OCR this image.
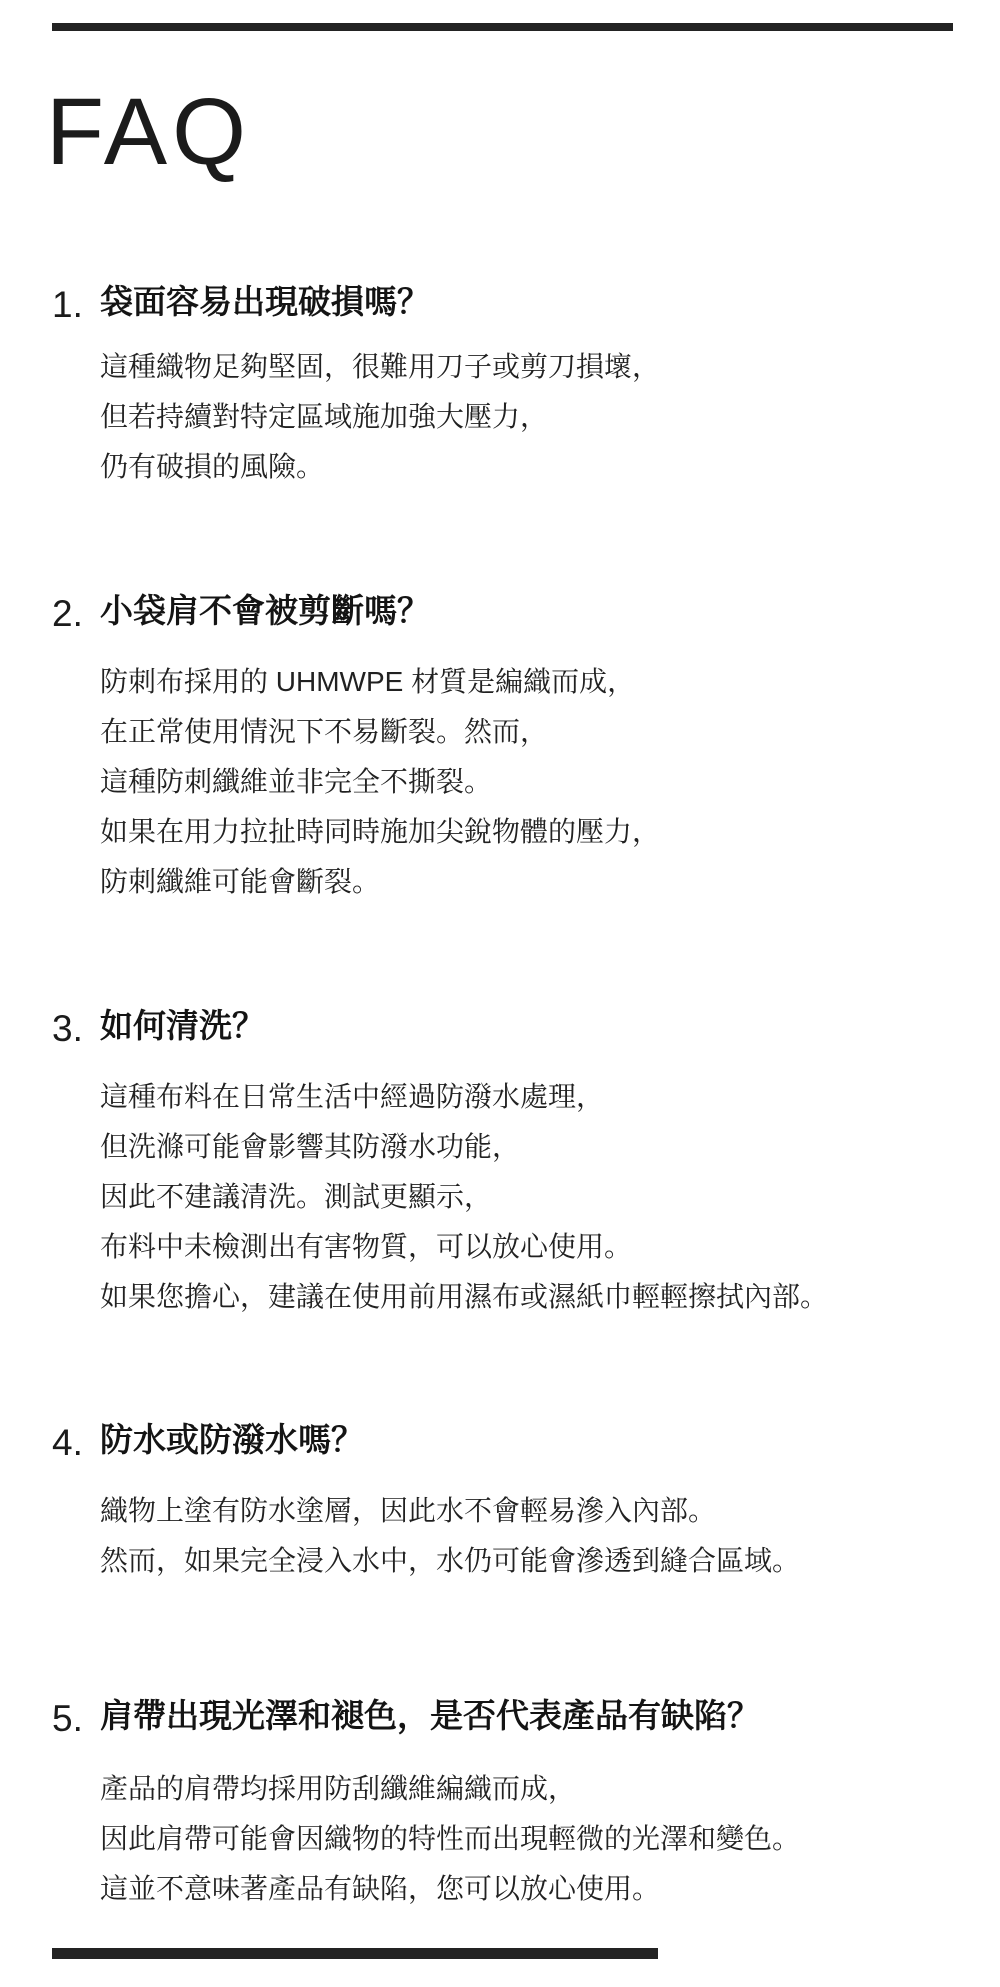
FAQ
1. 袋面容易出現破損嗎？
這種織物足夠堅固，很難用刀子或剪刀損壞，
但若持續對特定區域施加強大壓力，
仍有破損的風險。
2. 小袋肩不會被剪斷嗎？
防刺布採用的 UHMWPE 材質是編織而成，
在正常使用情況下不易斷裂。然而，
這種防刺纖維並非完全不撕裂。
如果在用力拉扯時同時施加尖銳物體的壓力，
防刺纖維可能會斷裂。
3. 如何清洗？
這種布料在日常生活中經過防潑水處理，
但洗滌可能會影響其防潑水功能，
因此不建議清洗。測試更顯示，
布料中未檢測出有害物質，可以放心使用。
如果您擔心，建議在使用前用濕布或濕紙巾輕輕擦拭內部。
4. 防水或防潑水嗎？
織物上塗有防水塗層，因此水不會輕易滲入內部。
然而，如果完全浸入水中，水仍可能會滲透到縫合區域。
5. 肩帶出現光澤和褪色，是否代表產品有缺陷？
產品的肩帶均採用防刮纖維編織而成，
因此肩帶可能會因織物的特性而出現輕微的光澤和變色。
這並不意味著產品有缺陷，您可以放心使用。
